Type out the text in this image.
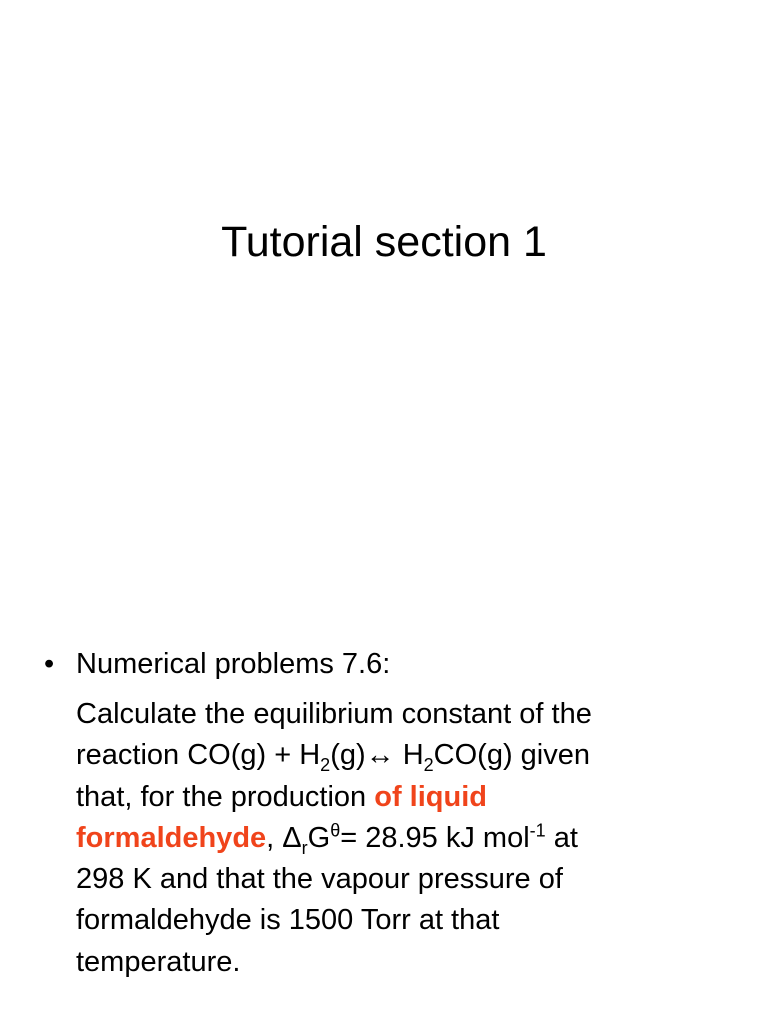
Tutorial section 1
• Numerical problems 7.6:
Calculate the equilibrium constant of the
reaction $CO(g) + H_2(g)\leftrightarrow$ $H_2CO(g)$ given
that, for the production of liquid
formaldehyde, $\Delta_rG^\theta= 28.95$ kJ mol$^{-1}$ at
298 K and that the vapour pressure of
formaldehyde is 1500 Torr at that
temperature.
